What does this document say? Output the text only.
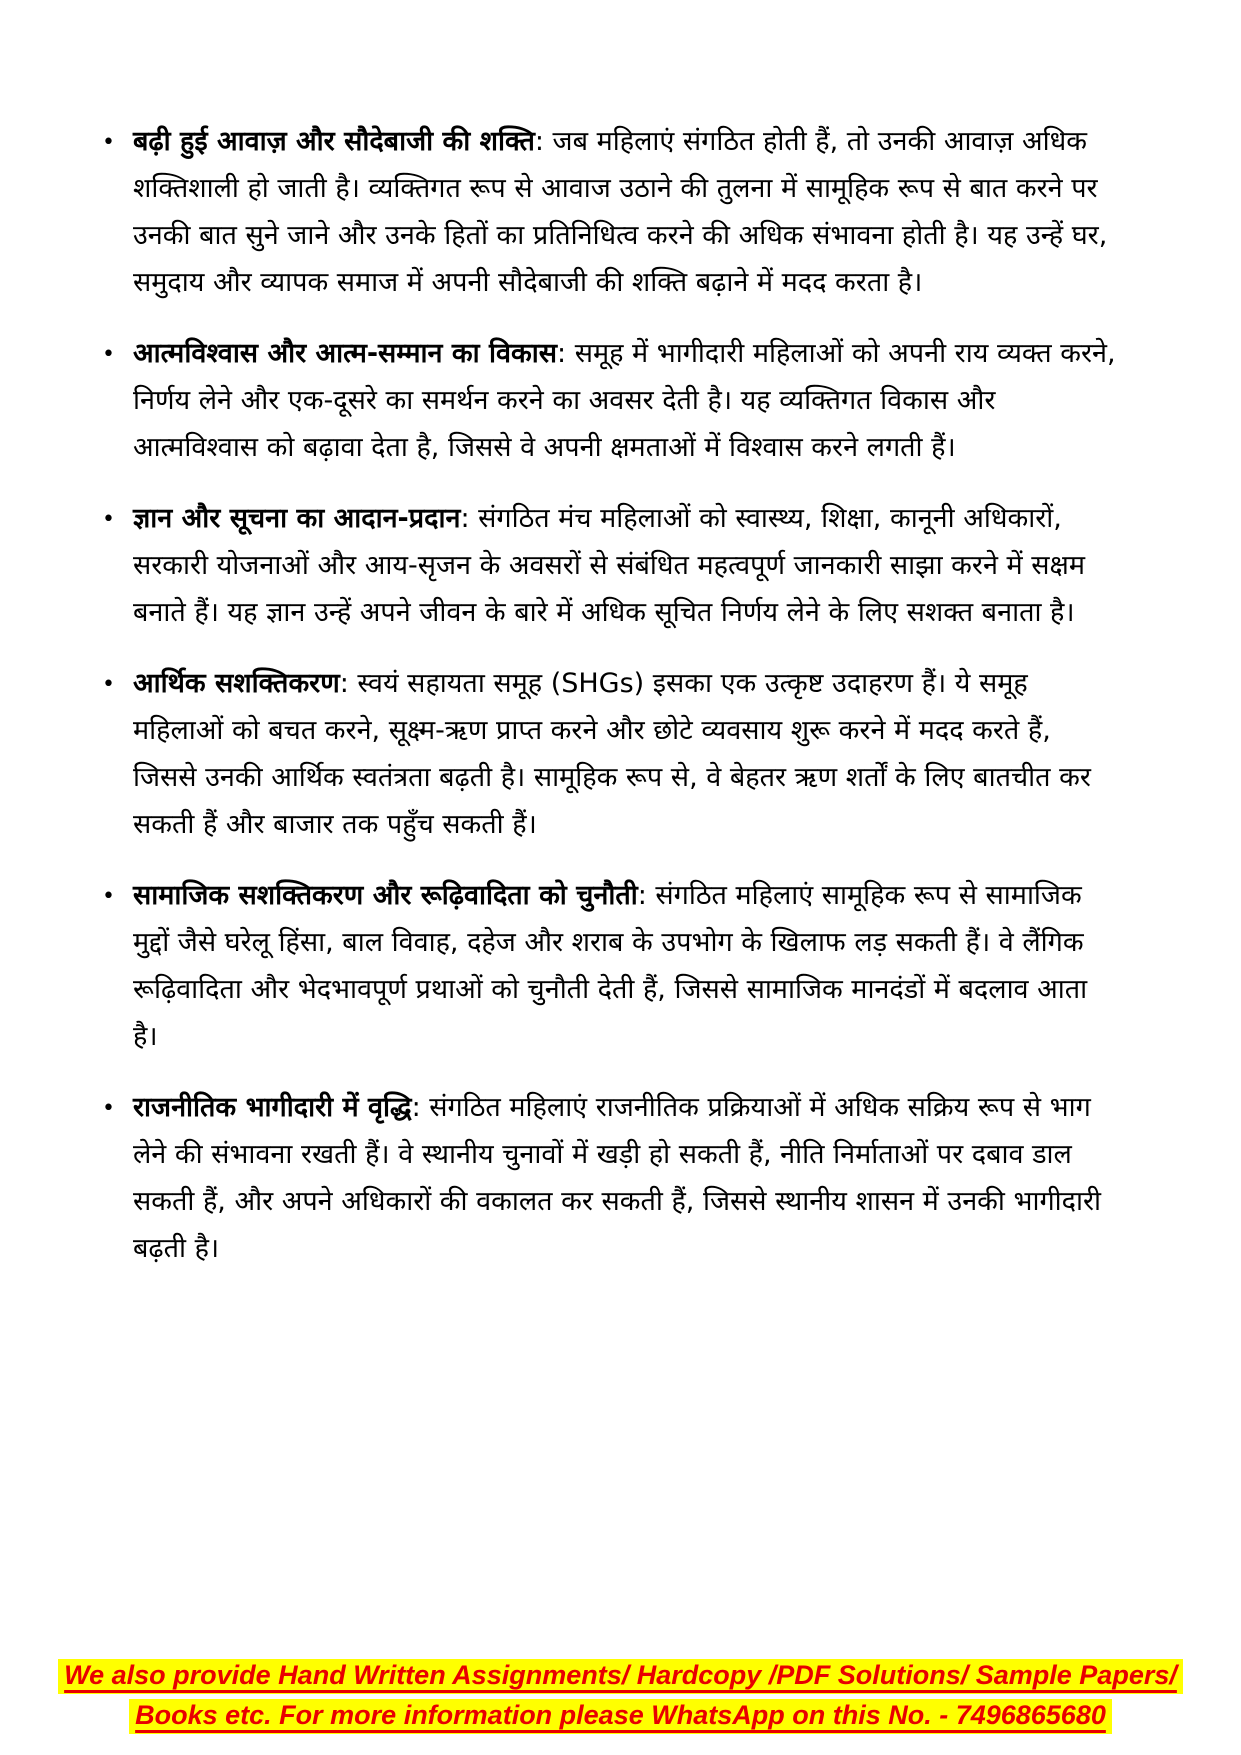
• बढ़ी हुई आवाज़ और सौदेबाजी की शक्ति: जब महिलाएं संगठित होती हैं, तो उनकी आवाज़ अधिक शक्तिशाली हो जाती है। व्यक्तिगत रूप से आवाज उठाने की तुलना में सामूहिक रूप से बात करने पर उनकी बात सुने जाने और उनके हितों का प्रतिनिधित्व करने की अधिक संभावना होती है। यह उन्हें घर, समुदाय और व्यापक समाज में अपनी सौदेबाजी की शक्ति बढ़ाने में मदद करता है।
• आत्मविश्वास और आत्म-सम्मान का विकास: समूह में भागीदारी महिलाओं को अपनी राय व्यक्त करने, निर्णय लेने और एक-दूसरे का समर्थन करने का अवसर देती है। यह व्यक्तिगत विकास और आत्मविश्वास को बढ़ावा देता है, जिससे वे अपनी क्षमताओं में विश्वास करने लगती हैं।
• ज्ञान और सूचना का आदान-प्रदान: संगठित मंच महिलाओं को स्वास्थ्य, शिक्षा, कानूनी अधिकारों, सरकारी योजनाओं और आय-सृजन के अवसरों से संबंधित महत्वपूर्ण जानकारी साझा करने में सक्षम बनाते हैं। यह ज्ञान उन्हें अपने जीवन के बारे में अधिक सूचित निर्णय लेने के लिए सशक्त बनाता है।
• आर्थिक सशक्तिकरण: स्वयं सहायता समूह (SHGs) इसका एक उत्कृष्ट उदाहरण हैं। ये समूह महिलाओं को बचत करने, सूक्ष्म-ऋण प्राप्त करने और छोटे व्यवसाय शुरू करने में मदद करते हैं, जिससे उनकी आर्थिक स्वतंत्रता बढ़ती है। सामूहिक रूप से, वे बेहतर ऋण शर्तों के लिए बातचीत कर सकती हैं और बाजार तक पहुँच सकती हैं।
• सामाजिक सशक्तिकरण और रूढ़िवादिता को चुनौती: संगठित महिलाएं सामूहिक रूप से सामाजिक मुद्दों जैसे घरेलू हिंसा, बाल विवाह, दहेज और शराब के उपभोग के खिलाफ लड़ सकती हैं। वे लैंगिक रूढ़िवादिता और भेदभावपूर्ण प्रथाओं को चुनौती देती हैं, जिससे सामाजिक मानदंडों में बदलाव आता है।
• राजनीतिक भागीदारी में वृद्धि: संगठित महिलाएं राजनीतिक प्रक्रियाओं में अधिक सक्रिय रूप से भाग लेने की संभावना रखती हैं। वे स्थानीय चुनावों में खड़ी हो सकती हैं, नीति निर्माताओं पर दबाव डाल सकती हैं, और अपने अधिकारों की वकालत कर सकती हैं, जिससे स्थानीय शासन में उनकी भागीदारी बढ़ती है।
We also provide Hand Written Assignments/ Hardcopy /PDF Solutions/ Sample Papers/
Books etc. For more information please WhatsApp on this No. - 7496865680
